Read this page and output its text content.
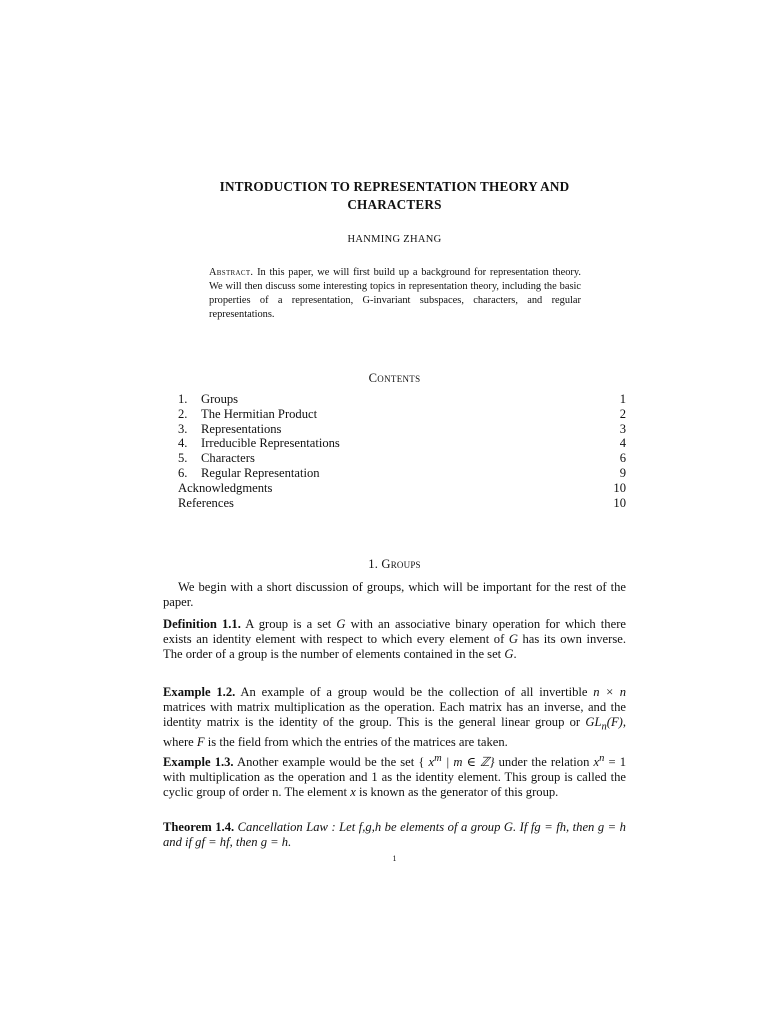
INTRODUCTION TO REPRESENTATION THEORY AND
CHARACTERS
HANMING ZHANG
Abstract. In this paper, we will first build up a background for representation theory. We will then discuss some interesting topics in representation theory, including the basic properties of a representation, G-invariant subspaces, characters, and regular representations.
Contents
1.	Groups	1
2.	The Hermitian Product	2
3.	Representations	3
4.	Irreducible Representations	4
5.	Characters	6
6.	Regular Representation	9
Acknowledgments	10
References	10
1. Groups
We begin with a short discussion of groups, which will be important for the rest of the paper.
Definition 1.1. A group is a set G with an associative binary operation for which there exists an identity element with respect to which every element of G has its own inverse. The order of a group is the number of elements contained in the set G.
Example 1.2. An example of a group would be the collection of all invertible n × n matrices with matrix multiplication as the operation. Each matrix has an inverse, and the identity matrix is the identity of the group. This is the general linear group or $GL_n(F)$, where F is the field from which the entries of the matrices are taken.
Example 1.3. Another example would be the set { $x^m$ | m ∈ ℤ} under the relation $x^n = 1$ with multiplication as the operation and 1 as the identity element. This group is called the cyclic group of order n. The element x is known as the generator of this group.
Theorem 1.4. Cancellation Law : Let f,g,h be elements of a group G. If fg = fh, then g = h and if gf = hf, then g = h.
1
